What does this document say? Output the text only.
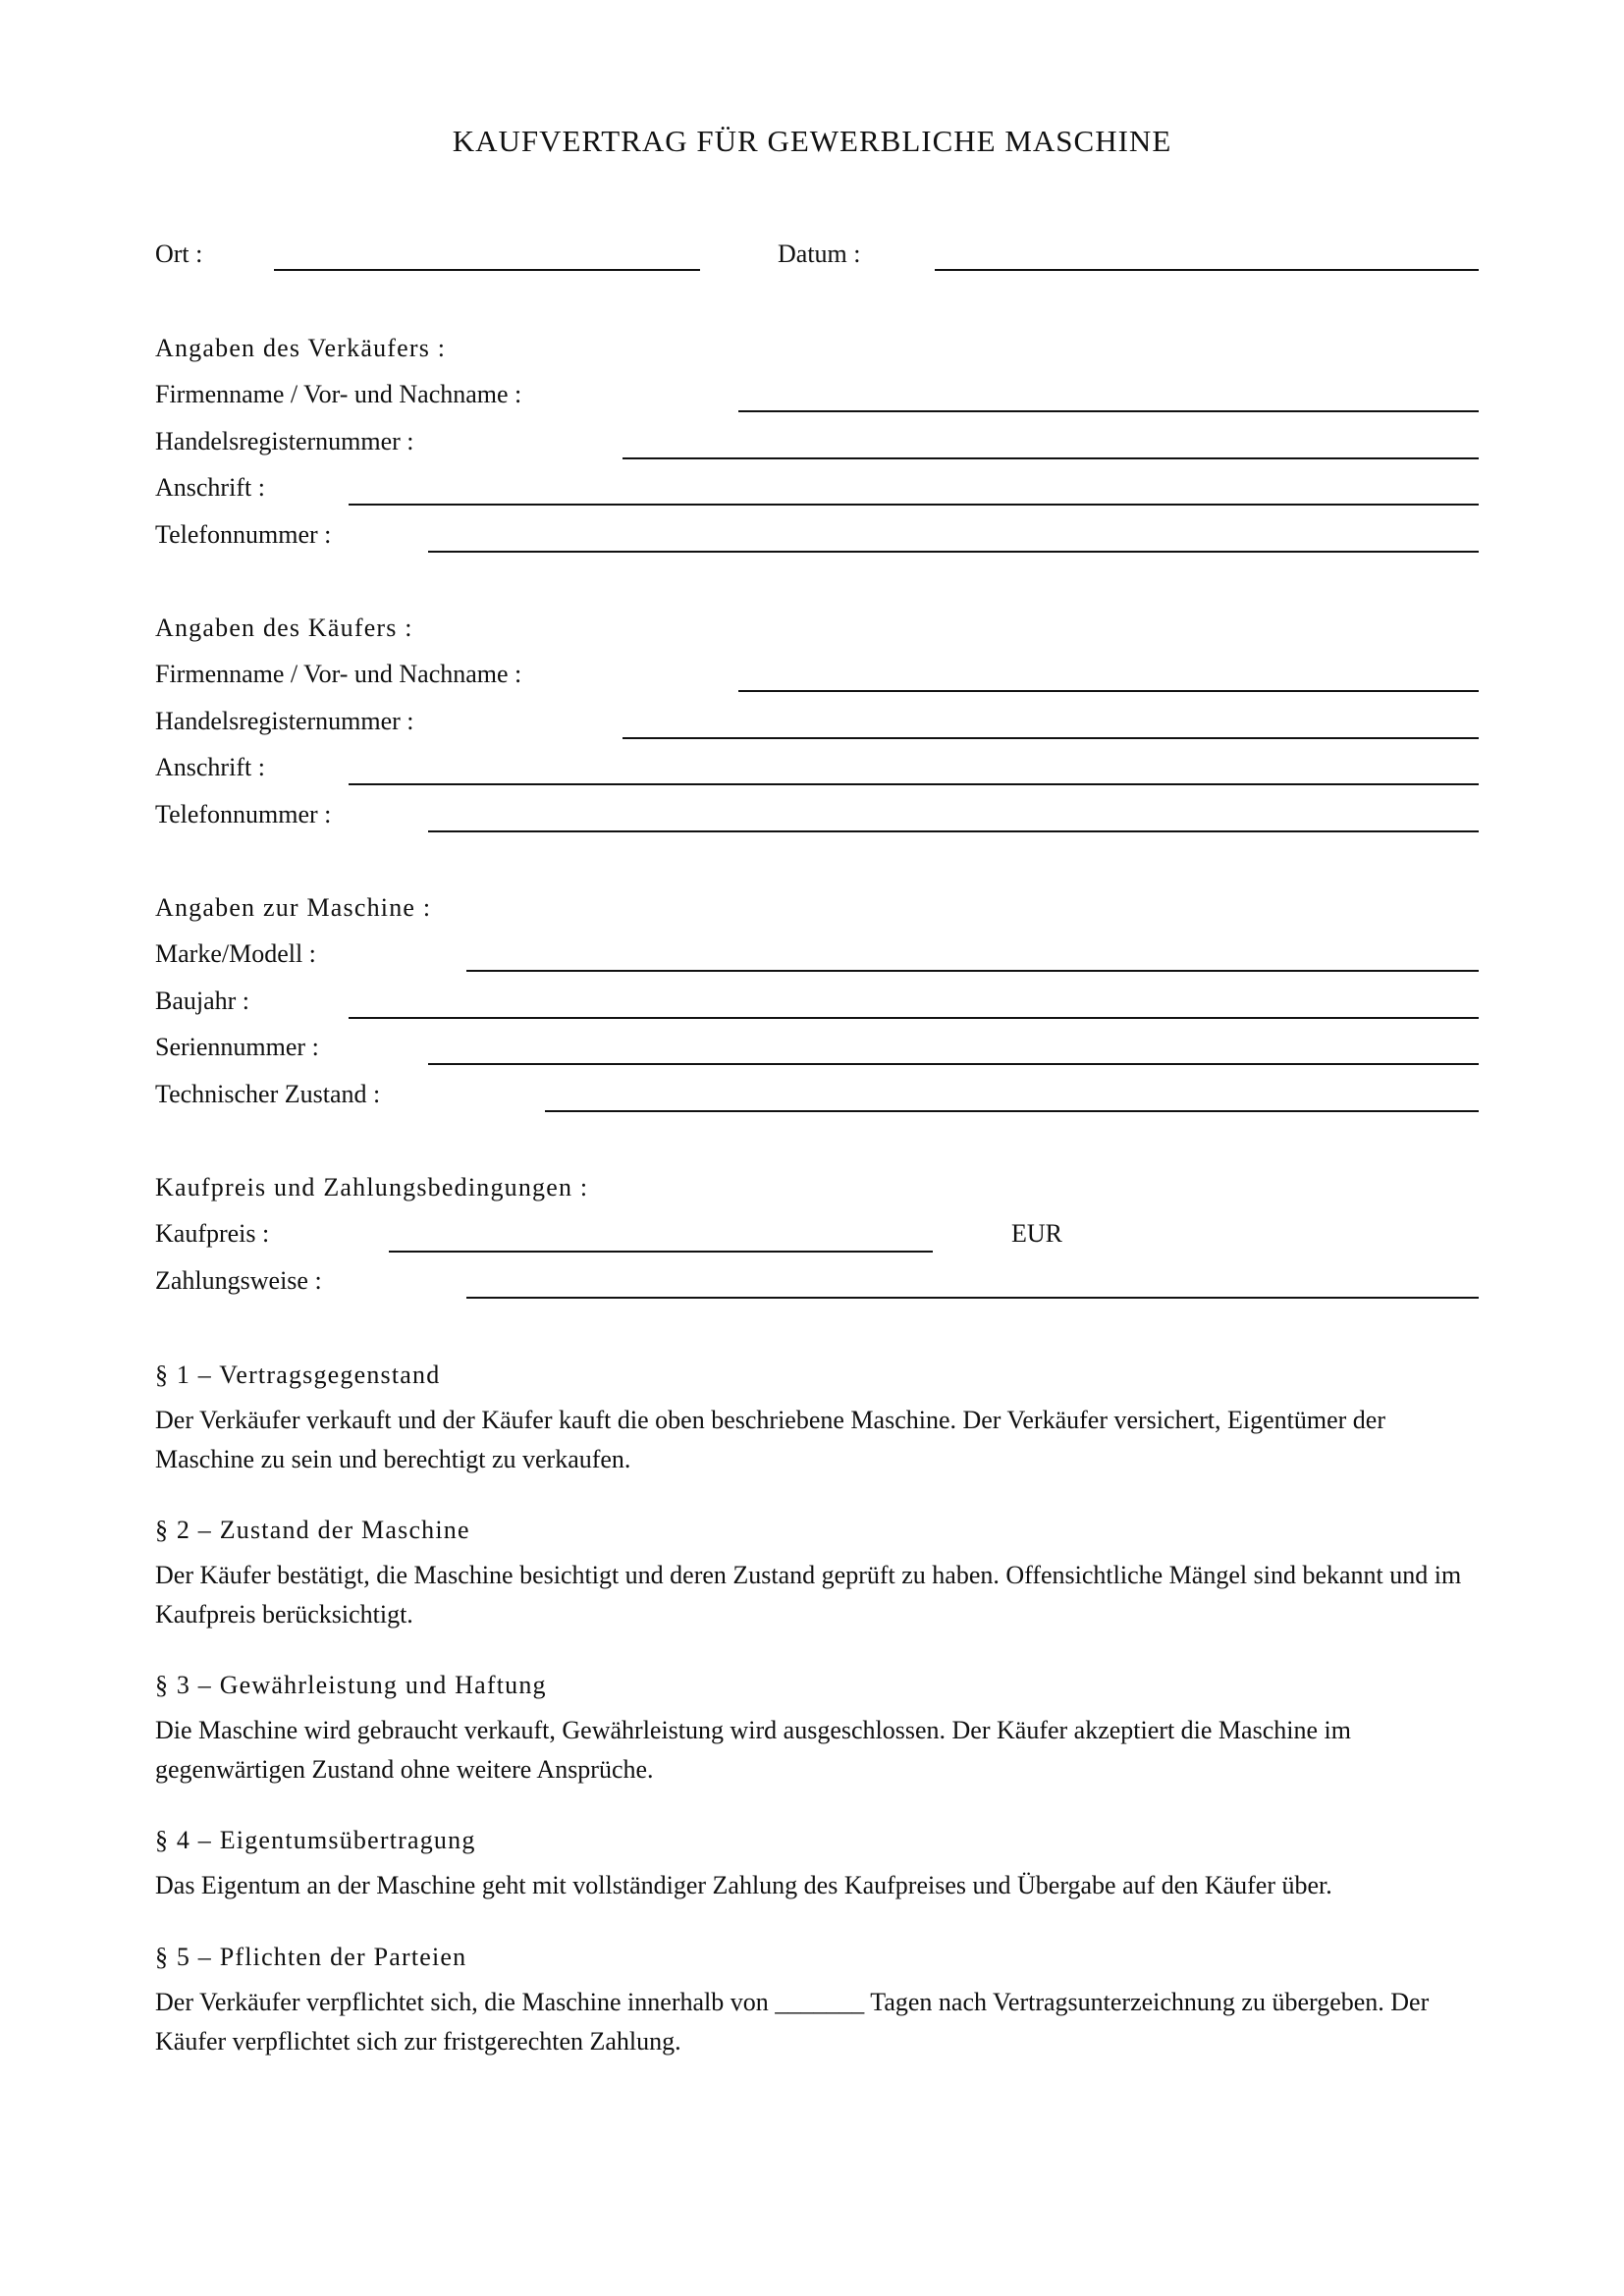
KAUFVERTRAG FÜR GEWERBLICHE MASCHINE
Ort :	Datum :
Angaben des Verkäufers :
Firmenname / Vor- und Nachname :
Handelsregisternummer :
Anschrift :
Telefonnummer :
Angaben des Käufers :
Firmenname / Vor- und Nachname :
Handelsregisternummer :
Anschrift :
Telefonnummer :
Angaben zur Maschine :
Marke/Modell :
Baujahr :
Seriennummer :
Technischer Zustand :
Kaufpreis und Zahlungsbedingungen :
Kaufpreis :	EUR
Zahlungsweise :
§ 1 – Vertragsgegenstand
Der Verkäufer verkauft und der Käufer kauft die oben beschriebene Maschine. Der Verkäufer versichert, Eigentümer der Maschine zu sein und berechtigt zu verkaufen.
§ 2 – Zustand der Maschine
Der Käufer bestätigt, die Maschine besichtigt und deren Zustand geprüft zu haben. Offensichtliche Mängel sind bekannt und im Kaufpreis berücksichtigt.
§ 3 – Gewährleistung und Haftung
Die Maschine wird gebraucht verkauft, Gewährleistung wird ausgeschlossen. Der Käufer akzeptiert die Maschine im gegenwärtigen Zustand ohne weitere Ansprüche.
§ 4 – Eigentumsübertragung
Das Eigentum an der Maschine geht mit vollständiger Zahlung des Kaufpreises und Übergabe auf den Käufer über.
§ 5 – Pflichten der Parteien
Der Verkäufer verpflichtet sich, die Maschine innerhalb von _______ Tagen nach Vertragsunterzeichnung zu übergeben. Der Käufer verpflichtet sich zur fristgerechten Zahlung.
